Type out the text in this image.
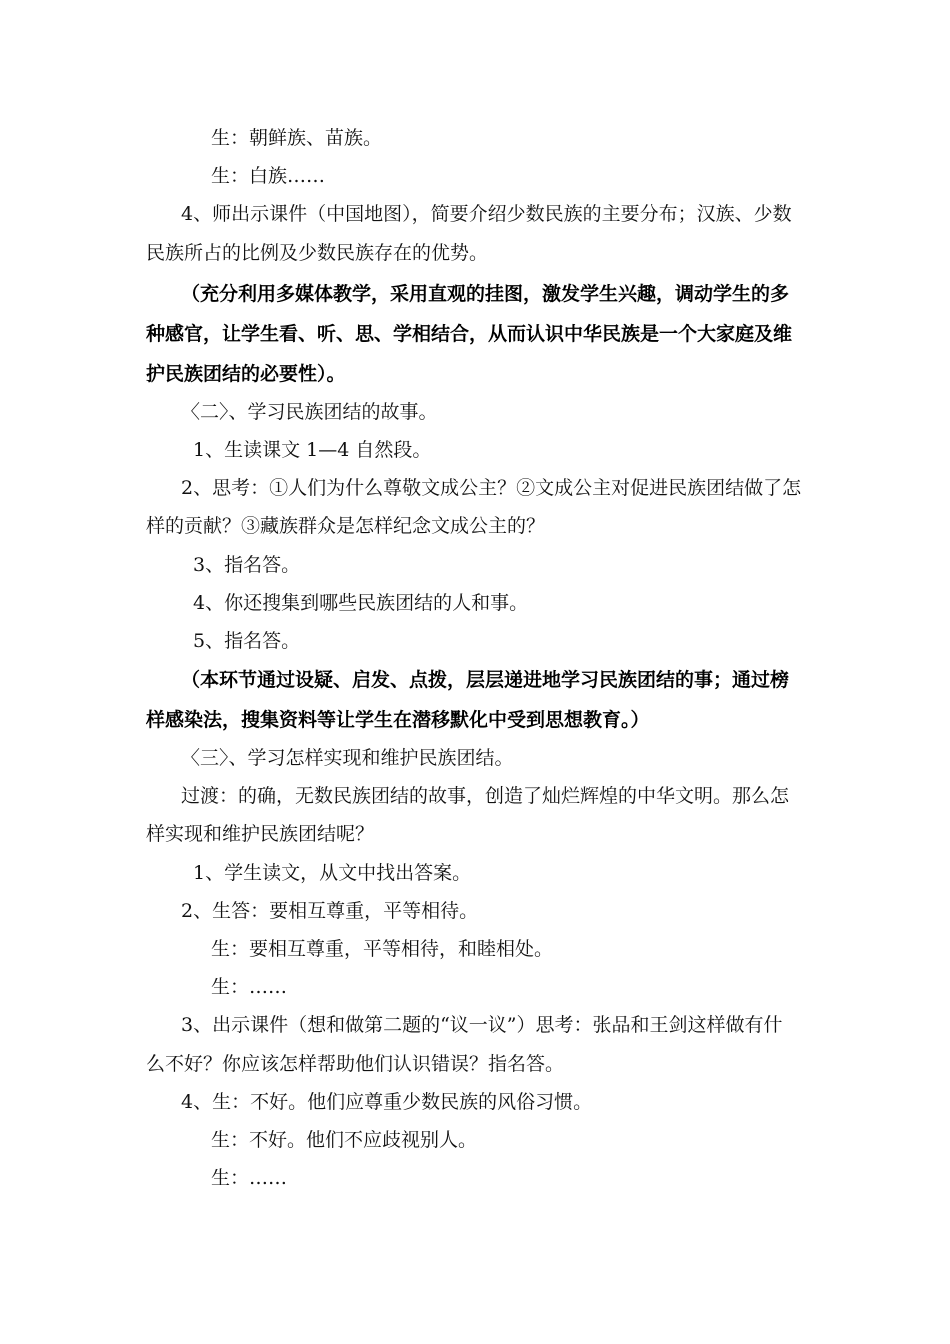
生：朝鲜族、苗族。
生：白族……
4、师出示课件（中国地图），简要介绍少数民族的主要分布；汉族、少数
民族所占的比例及少数民族存在的优势。
（充分利用多媒体教学，采用直观的挂图，激发学生兴趣，调动学生的多
种感官，让学生看、听、思、学相结合，从而认识中华民族是一个大家庭及维
护民族团结的必要性）。
〈二〉、学习民族团结的故事。
1、生读课文 1—4 自然段。
2、思考：①人们为什么尊敬文成公主？②文成公主对促进民族团结做了怎
样的贡献？③藏族群众是怎样纪念文成公主的？
3、指名答。
4、你还搜集到哪些民族团结的人和事。
5、指名答。
（本环节通过设疑、启发、点拨，层层递进地学习民族团结的事；通过榜
样感染法，搜集资料等让学生在潜移默化中受到思想教育。）
〈三〉、学习怎样实现和维护民族团结。
过渡：的确，无数民族团结的故事，创造了灿烂辉煌的中华文明。那么怎
样实现和维护民族团结呢？
1、学生读文，从文中找出答案。
2、生答：要相互尊重，平等相待。
生：要相互尊重，平等相待，和睦相处。
生：……
3、出示课件（想和做第二题的“议一议”）思考：张品和王剑这样做有什
么不好？你应该怎样帮助他们认识错误？指名答。
4、生：不好。他们应尊重少数民族的风俗习惯。
生：不好。他们不应歧视别人。
生：……
